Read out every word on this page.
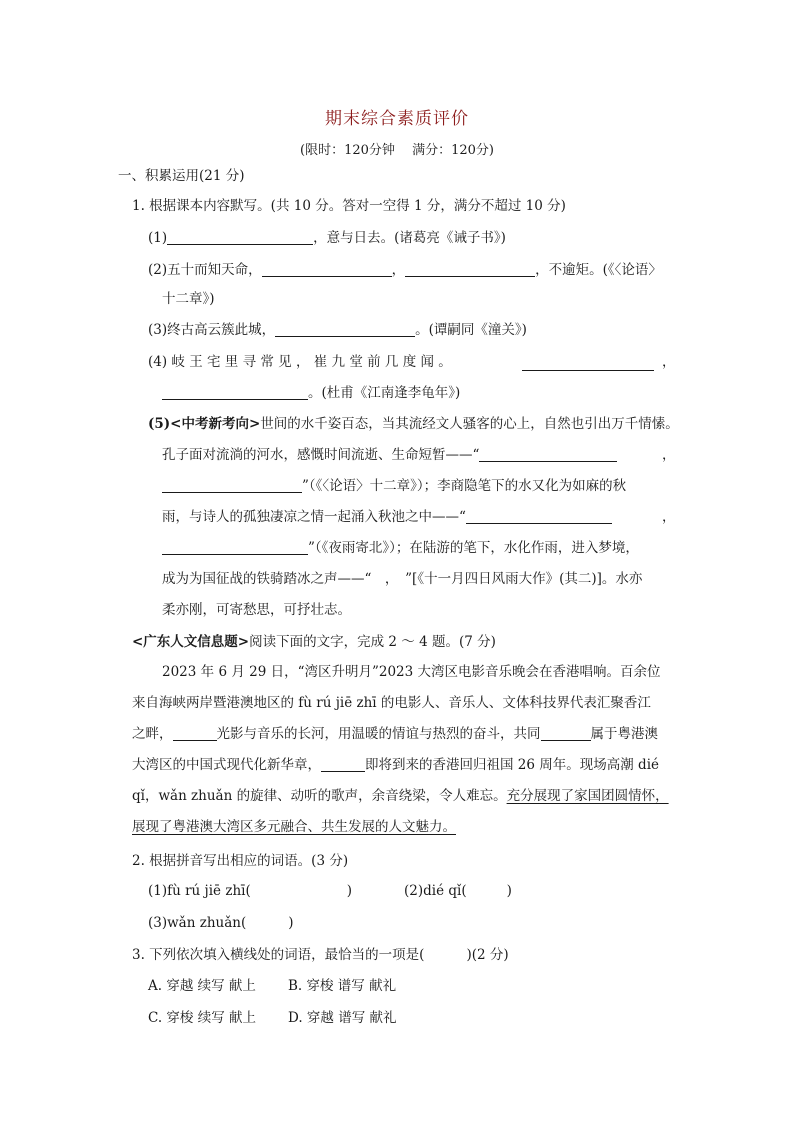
期末综合素质评价
(限时：120分钟　 满分：120分)
一、积累运用(21 分)
1. 根据课本内容默写。(共 10 分。答对一空得 1 分，满分不超过 10 分)
(1)	，意与日去。(诸葛亮《诫子书》)
(2)五十而知天命，	，	，不逾矩。(《〈论语〉
十二章》)
(3)终古高云簇此城，	。(谭嗣同《潼关》)
(4) 岐 王 宅 里 寻 常 见 ， 崔 九 堂 前 几 度 闻 。	，
。(杜甫《江南逢李龟年》)
(5)<中考新考向>世间的水千姿百态，当其流经文人骚客的心上，自然也引出万千情愫。
孔子面对流淌的河水，感慨时间流逝、生命短暂——“	，
”（《〈论语〉十二章》）；李商隐笔下的水又化为如麻的秋
雨，与诗人的孤独凄凉之情一起涌入秋池之中——“	，
”（《夜雨寄北》）；在陆游的笔下，水化作雨，进入梦境，
成为为国征战的铁骑踏冰之声——“　，　”[《十一月四日风雨大作》(其二)]。水亦
柔亦刚，可寄愁思，可抒壮志。
<广东人文信息题>阅读下面的文字，完成 2 ～ 4 题。(7 分)
2023 年 6 月 29 日，“湾区升明月”2023 大湾区电影音乐晚会在香港唱响。百余位
来自海峡两岸暨港澳地区的 fù rú jiē zhī 的电影人、音乐人、文体科技界代表汇聚香江
之畔，	光影与音乐的长河，用温暖的情谊与热烈的奋斗，共同	属于粤港澳
大湾区的中国式现代化新华章，	即将到来的香港回归祖国 26 周年。现场高潮 dié
qǐ，wǎn zhuǎn 的旋律、动听的歌声，余音绕梁，令人难忘。充分展现了家国团圆情怀，
展现了粤港澳大湾区多元融合、共生发展的人文魅力。
2. 根据拼音写出相应的词语。(3 分)
(1)fù rú jiē zhī(	)	(2)dié qǐ(	)
(3)wǎn zhuǎn(	)
3. 下列依次填入横线处的词语，最恰当的一项是(	)(2 分)
A. 穿越 续写 献上 B. 穿梭 谱写 献礼
C. 穿梭 续写 献上 D. 穿越 谱写 献礼
